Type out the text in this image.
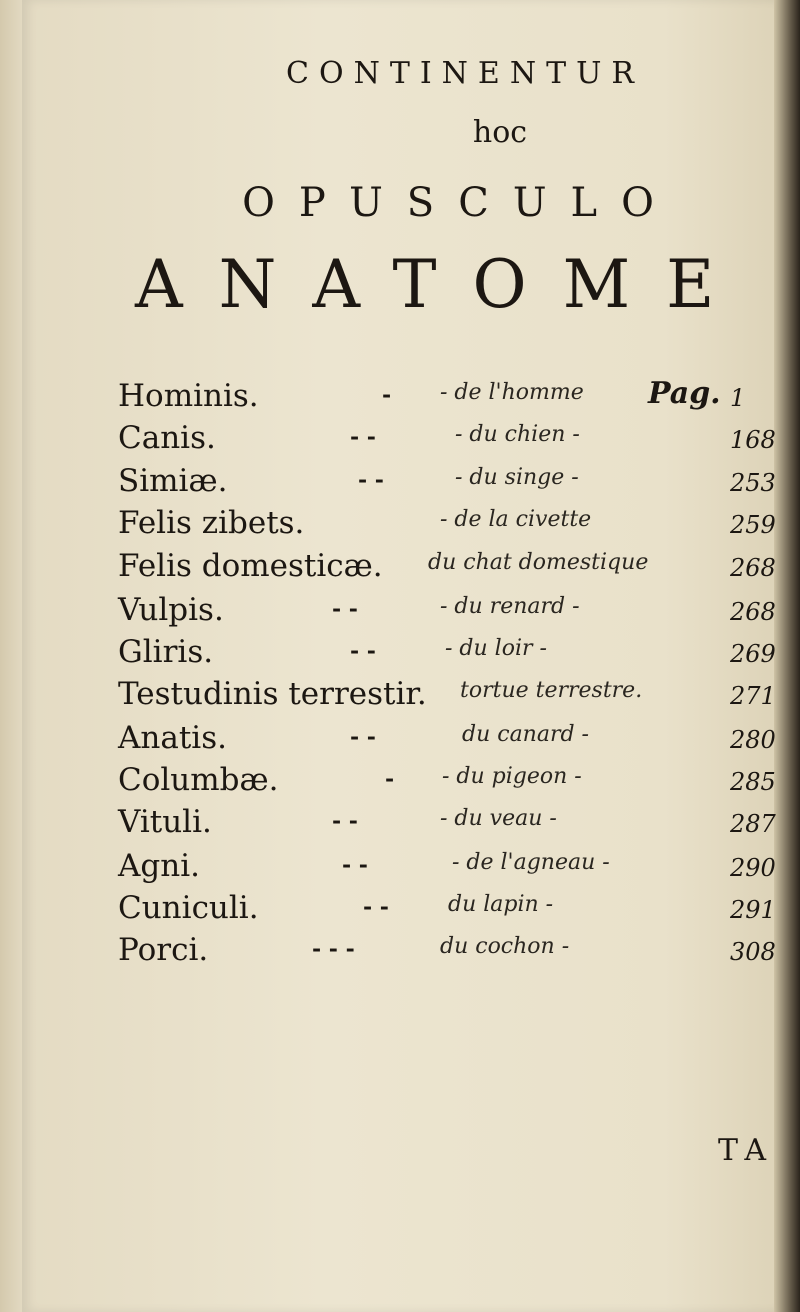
CONTINENTUR
hoc
OPUSCULO
ANATOME
Hominis.	- - de l'homme Pag. 1
Canis.	- -	- du chien -	168
Simiæ.	- -	- du singe -	253
Felis zibets.	- de la civette	259
Felis domesticæ. du chat domestique	268
Vulpis.	- -	- du renard -	268
Gliris.	- -	- du loir -	269
Testudinis terrestir. tortue terrestre.	271
Anatis.	- -	du canard -	280
Columbæ.	- - du pigeon -	285
Vituli.	- -	- du veau -	287
Agni.	- -	- de l'agneau -	290
Cuniculi.	- -	du lapin -	291
Porci.	- - -	du cochon -	308
TA
